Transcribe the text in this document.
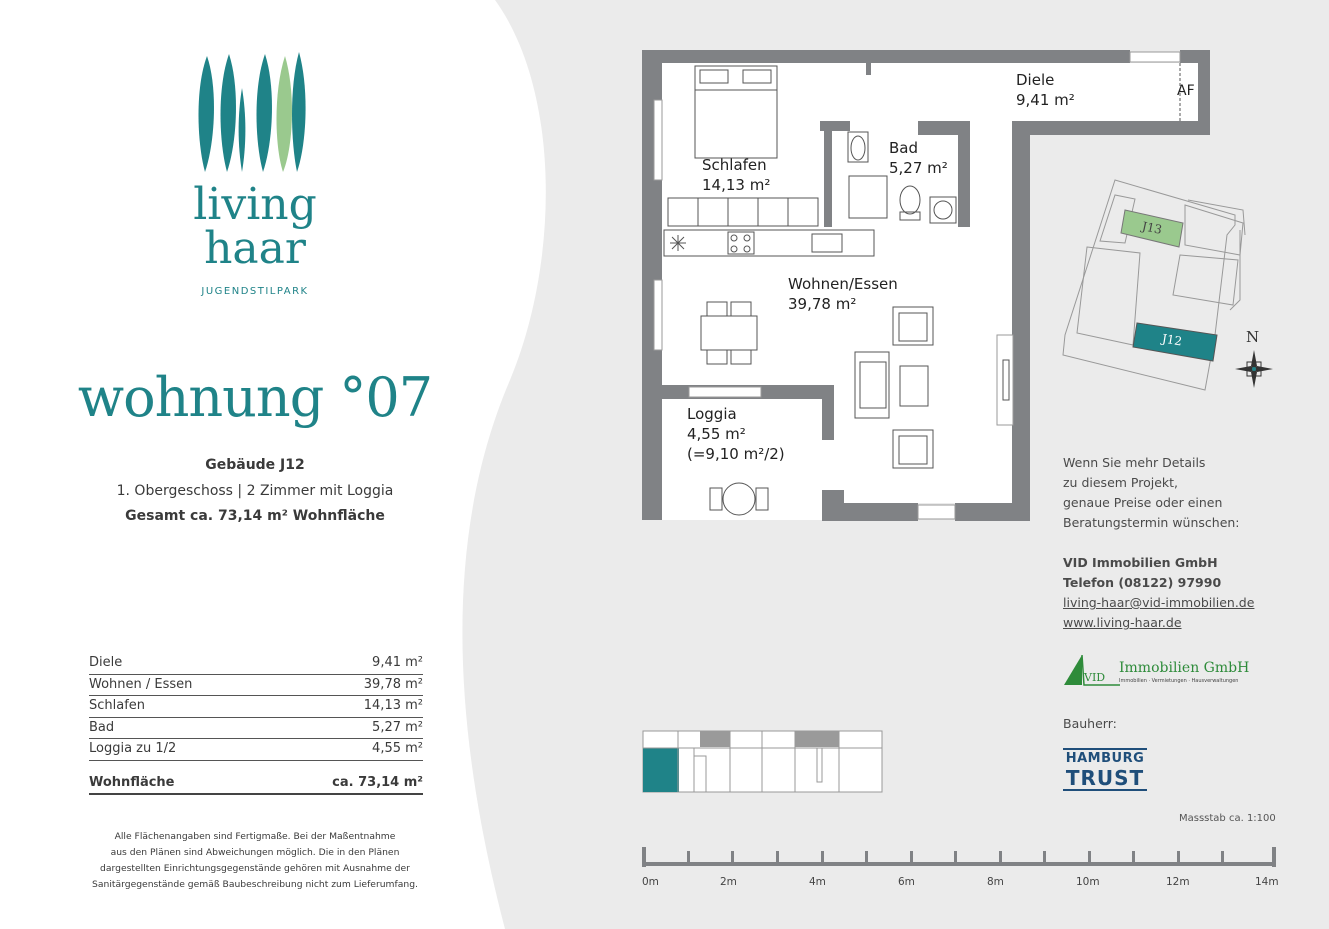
living
haar
JUGENDSTILPARK
wohnung °07
Gebäude J12
1. Obergeschoss | 2 Zimmer mit Loggia
Gesamt ca. 73,14 m² Wohnfläche
Diele	9,41 m²
Wohnen / Essen	39,78 m²
Schlafen	14,13 m²
Bad	5,27 m²
Loggia zu 1/2	4,55 m²
Wohnfläche	ca. 73,14 m²
Alle Flächenangaben sind Fertigmaße. Bei der Maßentnahme
aus den Plänen sind Abweichungen möglich. Die in den Plänen
dargestellten Einrichtungsgegenstände gehören mit Ausnahme der
Sanitärgegenstände gemäß Baubeschreibung nicht zum Lieferumfang.
Diele
9,41 m²	AF
Schlafen
14,13 m²
Bad
5,27 m²
Wohnen/Essen
39,78 m²
Loggia
4,55 m²
(=9,10 m²/2)
J13
J12	N
Wenn Sie mehr Details
zu diesem Projekt,
genaue Preise oder einen
Beratungstermin wünschen:
VID Immobilien GmbH
Telefon (08122) 97990
living-haar@vid-immobilien.de
www.living-haar.de
VID
Immobilien GmbH
Immobilien · Vermietungen · Hausverwaltungen
Bauherr:
HAMBURG
TRUST
Massstab ca. 1:100
0m	2m	4m	6m	8m	10m	12m	14m
